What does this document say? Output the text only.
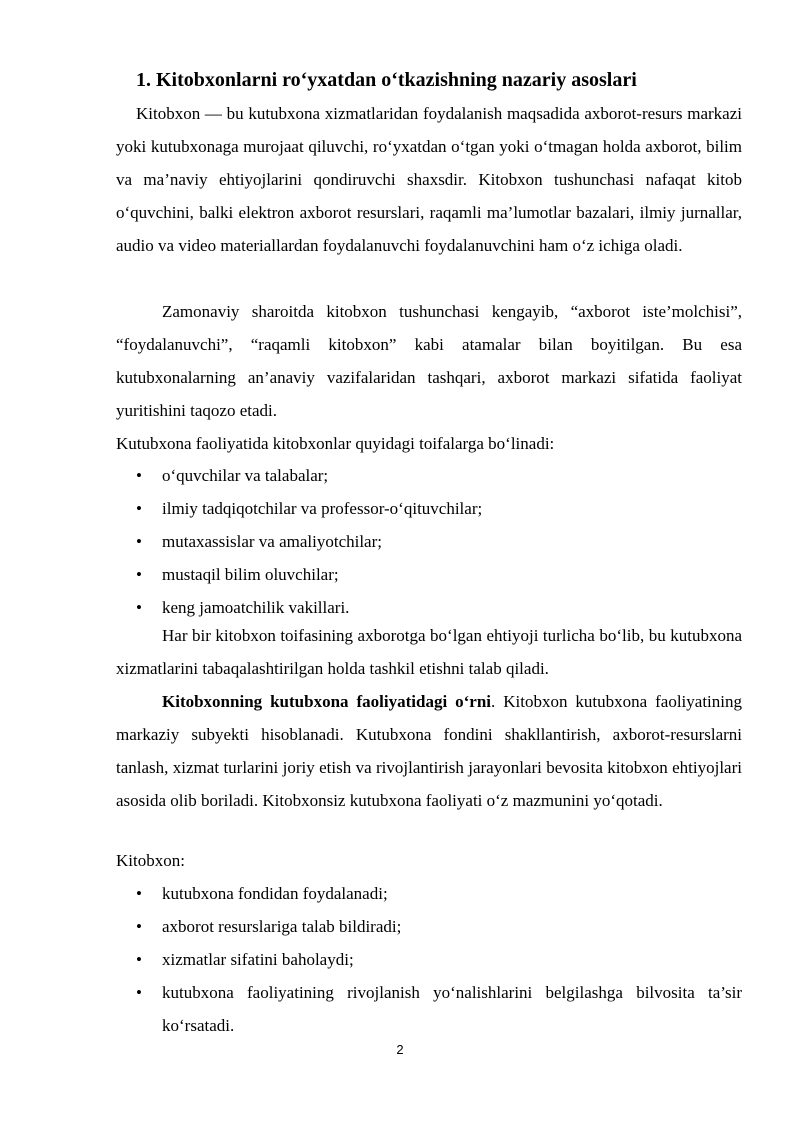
1. Kitobxonlarni ro‘yxatdan o‘tkazishning nazariy asoslari

Kitobxon — bu kutubxona xizmatlaridan foydalanish maqsadida axborot-resurs markazi yoki kutubxonaga murojaat qiluvchi, ro‘yxatdan o‘tgan yoki o‘tmagan holda axborot, bilim va ma’naviy ehtiyojlarini qondiruvchi shaxsdir. Kitobxon tushunchasi nafaqat kitob o‘quvchini, balki elektron axborot resurslari, raqamli ma’lumotlar bazalari, ilmiy jurnallar, audio va video materiallardan foydalanuvchi foydalanuvchini ham o‘z ichiga oladi.

Zamonaviy sharoitda kitobxon tushunchasi kengayib, “axborot iste’molchisi”, “foydalanuvchi”, “raqamli kitobxon” kabi atamalar bilan boyitilgan. Bu esa kutubxonalarning an’anaviy vazifalaridan tashqari, axborot markazi sifatida faoliyat yuritishini taqozo etadi.

Kutubxona faoliyatida kitobxonlar quyidagi toifalarga bo‘linadi:

• o‘quvchilar va talabalar;
• ilmiy tadqiqotchilar va professor-o‘qituvchilar;
• mutaxassislar va amaliyotchilar;
• mustaqil bilim oluvchilar;
• keng jamoatchilik vakillari.

Har bir kitobxon toifasining axborotga bo‘lgan ehtiyoji turlicha bo‘lib, bu kutubxona xizmatlarini tabaqalashtirilgan holda tashkil etishni talab qiladi.

Kitobxonning kutubxona faoliyatidagi o‘rni. Kitobxon kutubxona faoliyatining markaziy subyekti hisoblanadi. Kutubxona fondini shakllantirish, axborot-resurslarni tanlash, xizmat turlarini joriy etish va rivojlantirish jarayonlari bevosita kitobxon ehtiyojlari asosida olib boriladi. Kitobxonsiz kutubxona faoliyati o‘z mazmunini yo‘qotadi.

Kitobxon:

• kutubxona fondidan foydalanadi;
• axborot resurslariga talab bildiradi;
• xizmatlar sifatini baholaydi;
• kutubxona faoliyatining rivojlanish yo‘nalishlarini belgilashga bilvosita ta’sir ko‘rsatadi.
2
